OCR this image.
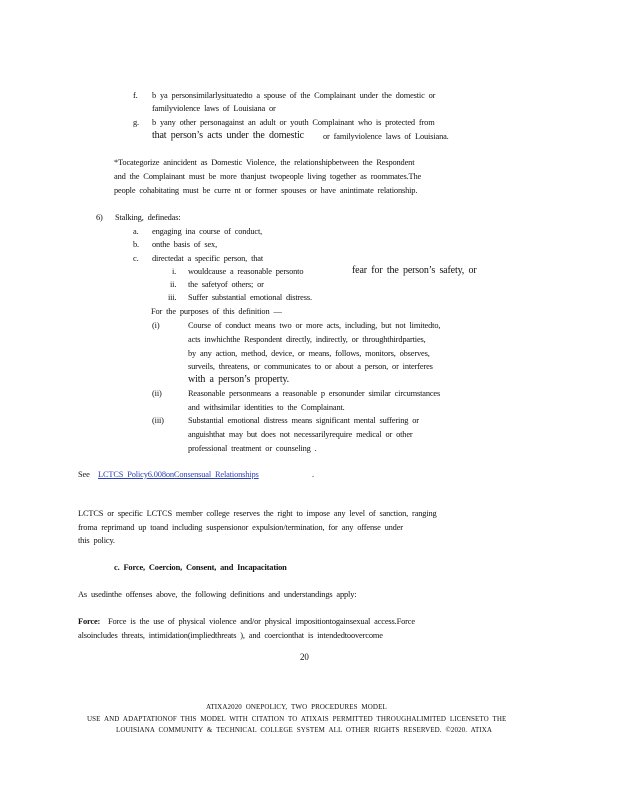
f. b ya personsimilarlysituatedto a spouse of the Complainant under the domestic or
familyviolence laws of Louisiana or
g. b yany other personagainst an adult or youth Complainant who is protected from
that person’s acts under the domestic or familyviolence laws of Louisiana.
*Tocategorize anincident as Domestic Violence, the relationshipbetween the Respondent
and the Complainant must be more thanjust twopeople living together as roommates.The
people cohabitating must be curre nt or former spouses or have anintimate relationship.
6) Stalking, definedas:
a. engaging ina course of conduct,
b. onthe basis of sex,
c. directedat a specific person, that
i. wouldcause a reasonable personto	fear for the person’s safety, or
ii. the safetyof others; or
iii. Suffer substantial emotional distress.
For the purposes of this definition —
(i)	Course of conduct means two or more acts, including, but not limitedto,
acts inwhichthe Respondent directly, indirectly, or throughthirdparties,
by any action, method, device, or means, follows, monitors, observes,
surveils, threatens, or communicates to or about a person, or interferes
with a person’s property.
(ii)	Reasonable personmeans a reasonable p ersonunder similar circumstances
and withsimilar identities to the Complainant.
(iii)	Substantial emotional distress means significant mental suffering or
anguishthat may but does not necessarilyrequire medical or other
professional treatment or counseling .
See LCTCS Policy6.008onConsensual Relationships	.
LCTCS or specific LCTCS member college reserves the right to impose any level of sanction, ranging
froma reprimand up toand including suspensionor expulsion/termination, for any offense under
this policy.
c. Force, Coercion, Consent, and Incapacitation
As usedinthe offenses above, the following definitions and understandings apply:
Force: Force is the use of physical violence and/or physical impositiontogainsexual access.Force
alsoincludes threats, intimidation(impliedthreats ), and coercionthat is intendedtoovercome
20
ATIXA2020 ONEPOLICY, TWO PROCEDURES MODEL
USE AND ADAPTATIONOF THIS MODEL WITH CITATION TO ATIXAIS PERMITTED THROUGHALIMITED LICENSETO THE
LOUISIANA COMMUNITY & TECHNICAL COLLEGE SYSTEM ALL OTHER RIGHTS RESERVED. ©2020. ATIXA
